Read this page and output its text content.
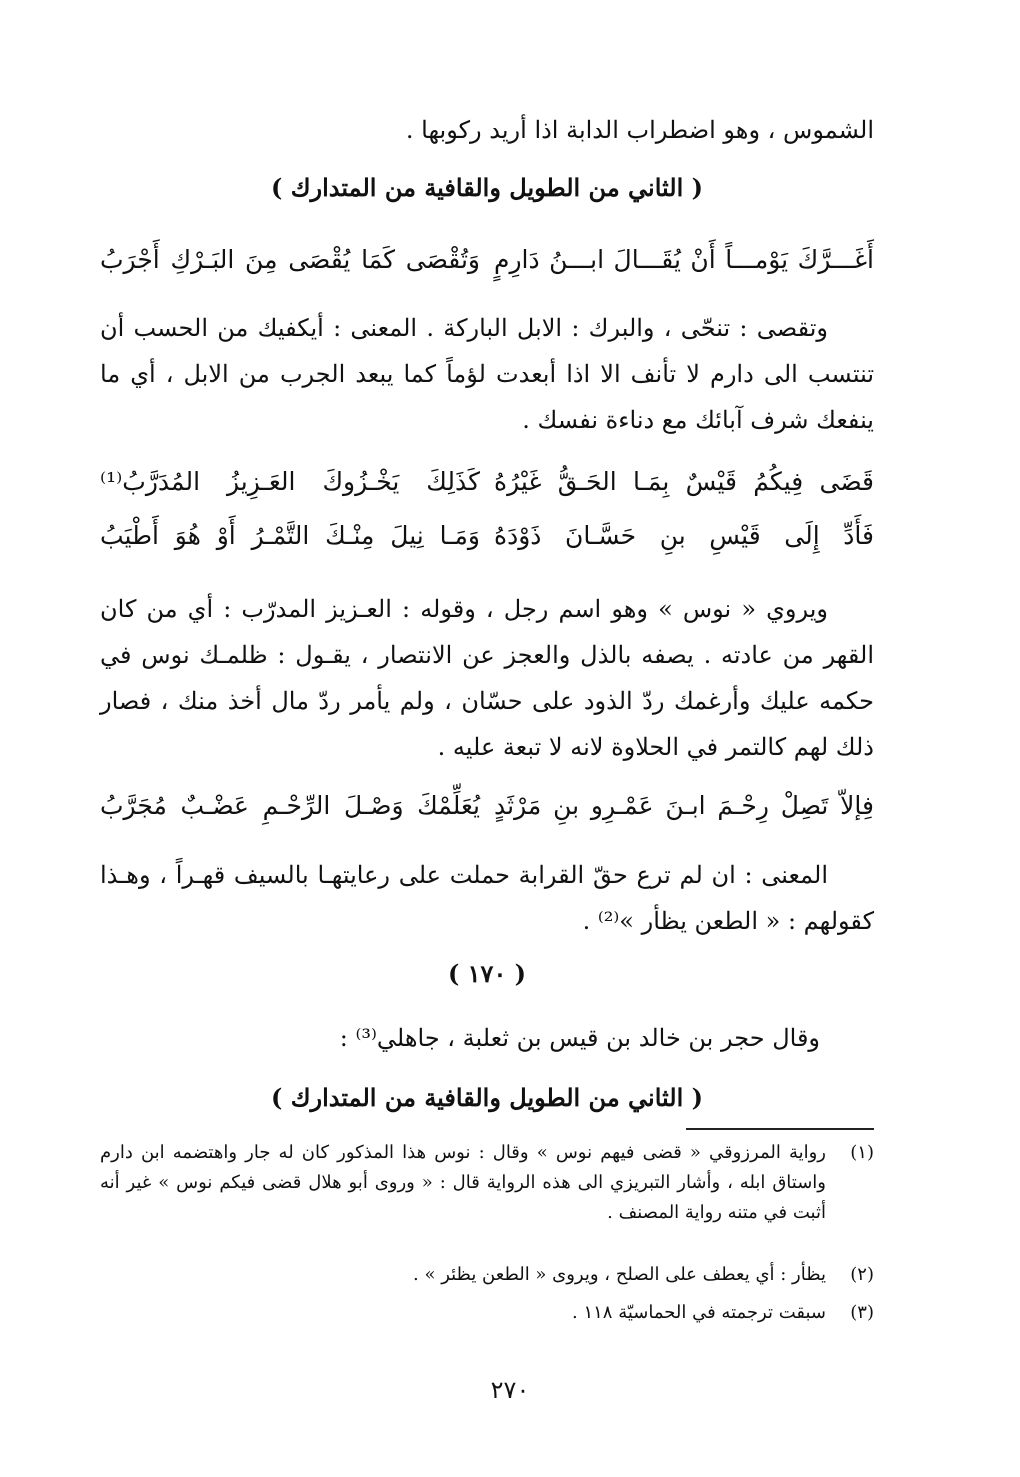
الشموس ، وهو اضطراب الدابة اذا أريد ركوبها .
( الثاني من الطويل والقافية من المتدارك )
أَغَـــرَّكَ يَوْمـــاً أَنْ يُقَـــالَ ابـــنُ دَارِمٍ
وَتُقْصَى كَمَا يُقْصَى مِنَ البَـرْكِ أَجْرَبُ
وتقصى : تنحّى ، والبرك : الابل الباركة . المعنى : أيكفيك من الحسب أن تنتسب الى دارم لا تأنف الا اذا أبعدت لؤماً كما يبعد الجرب من الابل ، أي ما ينفعك شرف آبائك مع دناءة نفسك .
قَضَى فِيكُمُ قَيْسٌ بِمَـا الحَـقُّ غَيْرُهُ
كَذَلِكَ يَخْـزُوكَ العَـزِيزُ المُدَرَّبُ⁽¹⁾
فَأَدِّ إِلَى قَيْسِ بنِ حَسَّـانَ ذَوْدَهُ
وَمَـا نِيلَ مِنْـكَ التَّمْـرُ أَوْ هُوَ أَطْيَبُ
ويروي « نوس » وهو اسم رجل ، وقوله : العـزيز المدرّب : أي من كان القهر من عادته . يصفه بالذل والعجز عن الانتصار ، يقـول : ظلمـك نوس في حكمه عليك وأرغمك ردّ الذود على حسّان ، ولم يأمر ردّ مال أخذ منك ، فصار ذلك لهم كالتمر في الحلاوة لانه لا تبعة عليه .
فِإلاّ تَصِلْ رِحْـمَ ابـنَ عَمْـرِو بنِ مَرْثَدٍ
يُعَلِّمْكَ وَصْـلَ الرِّحْـمِ عَضْـبٌ مُجَرَّبُ
المعنى : ان لم ترع حقّ القرابة حملت على رعايتهـا بالسيف قهـراً ، وهـذا كقولهم : « الطعن يظأر »⁽²⁾ .
( ١٧٠ )
وقال حجر بن خالد بن قيس بن ثعلبة ، جاهلي⁽³⁾ :
( الثاني من الطويل والقافية من المتدارك )
(١)
رواية المرزوقي « قضى فيهم نوس » وقال : نوس هذا المذكور كان له جار واهتضمه ابن دارم واستاق ابله ، وأشار التبريزي الى هذه الرواية قال : « وروى أبو هلال قضى فيكم نوس » غير أنه أثبت في متنه رواية المصنف .
(٢)
يظأر : أي يعطف على الصلح ، ويروى « الطعن يظئر » .
(٣)
سبقت ترجمته في الحماسيّة ١١٨ .
٢٧٠
